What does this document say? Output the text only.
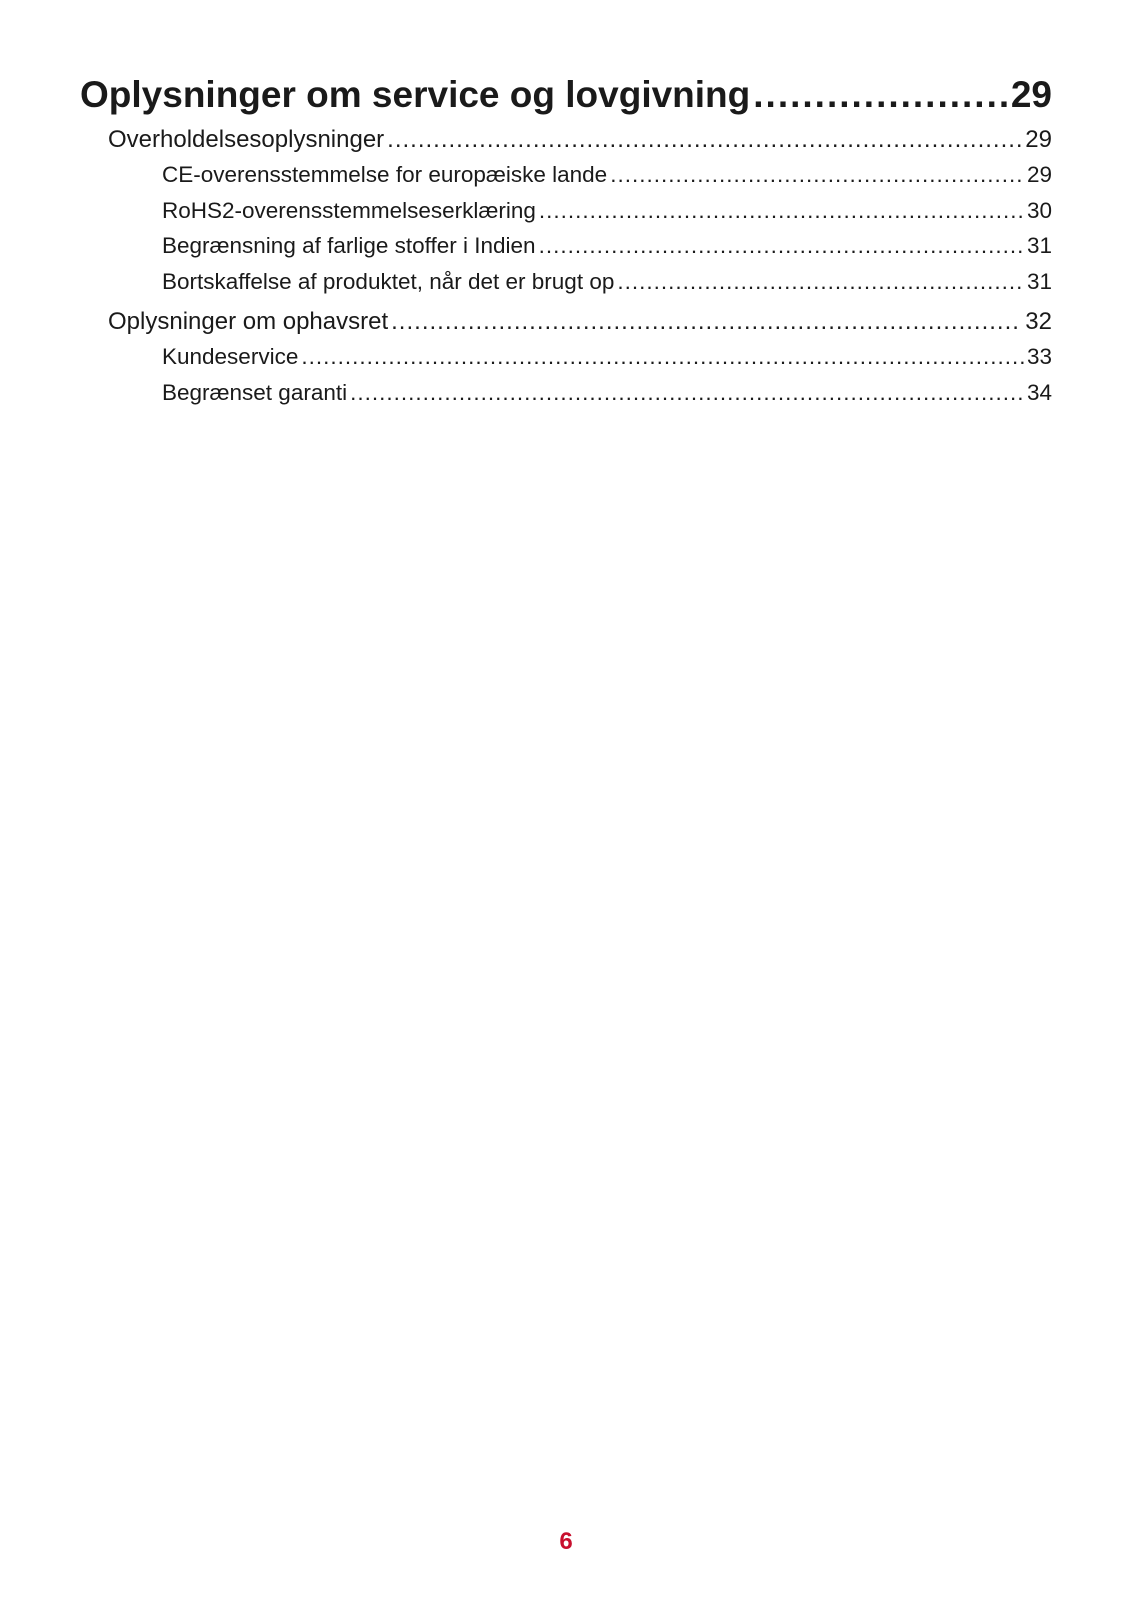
Oplysninger om service og lovgivning .....	29
Overholdelsesoplysninger .....	29
CE-overensstemmelse for europæiske lande .....	29
RoHS2-overensstemmelseserklæring .....	30
Begrænsning af farlige stoffer i Indien .....	31
Bortskaffelse af produktet, når det er brugt op .....	31
Oplysninger om ophavsret .....	32
Kundeservice .....	33
Begrænset garanti .....	34
6
